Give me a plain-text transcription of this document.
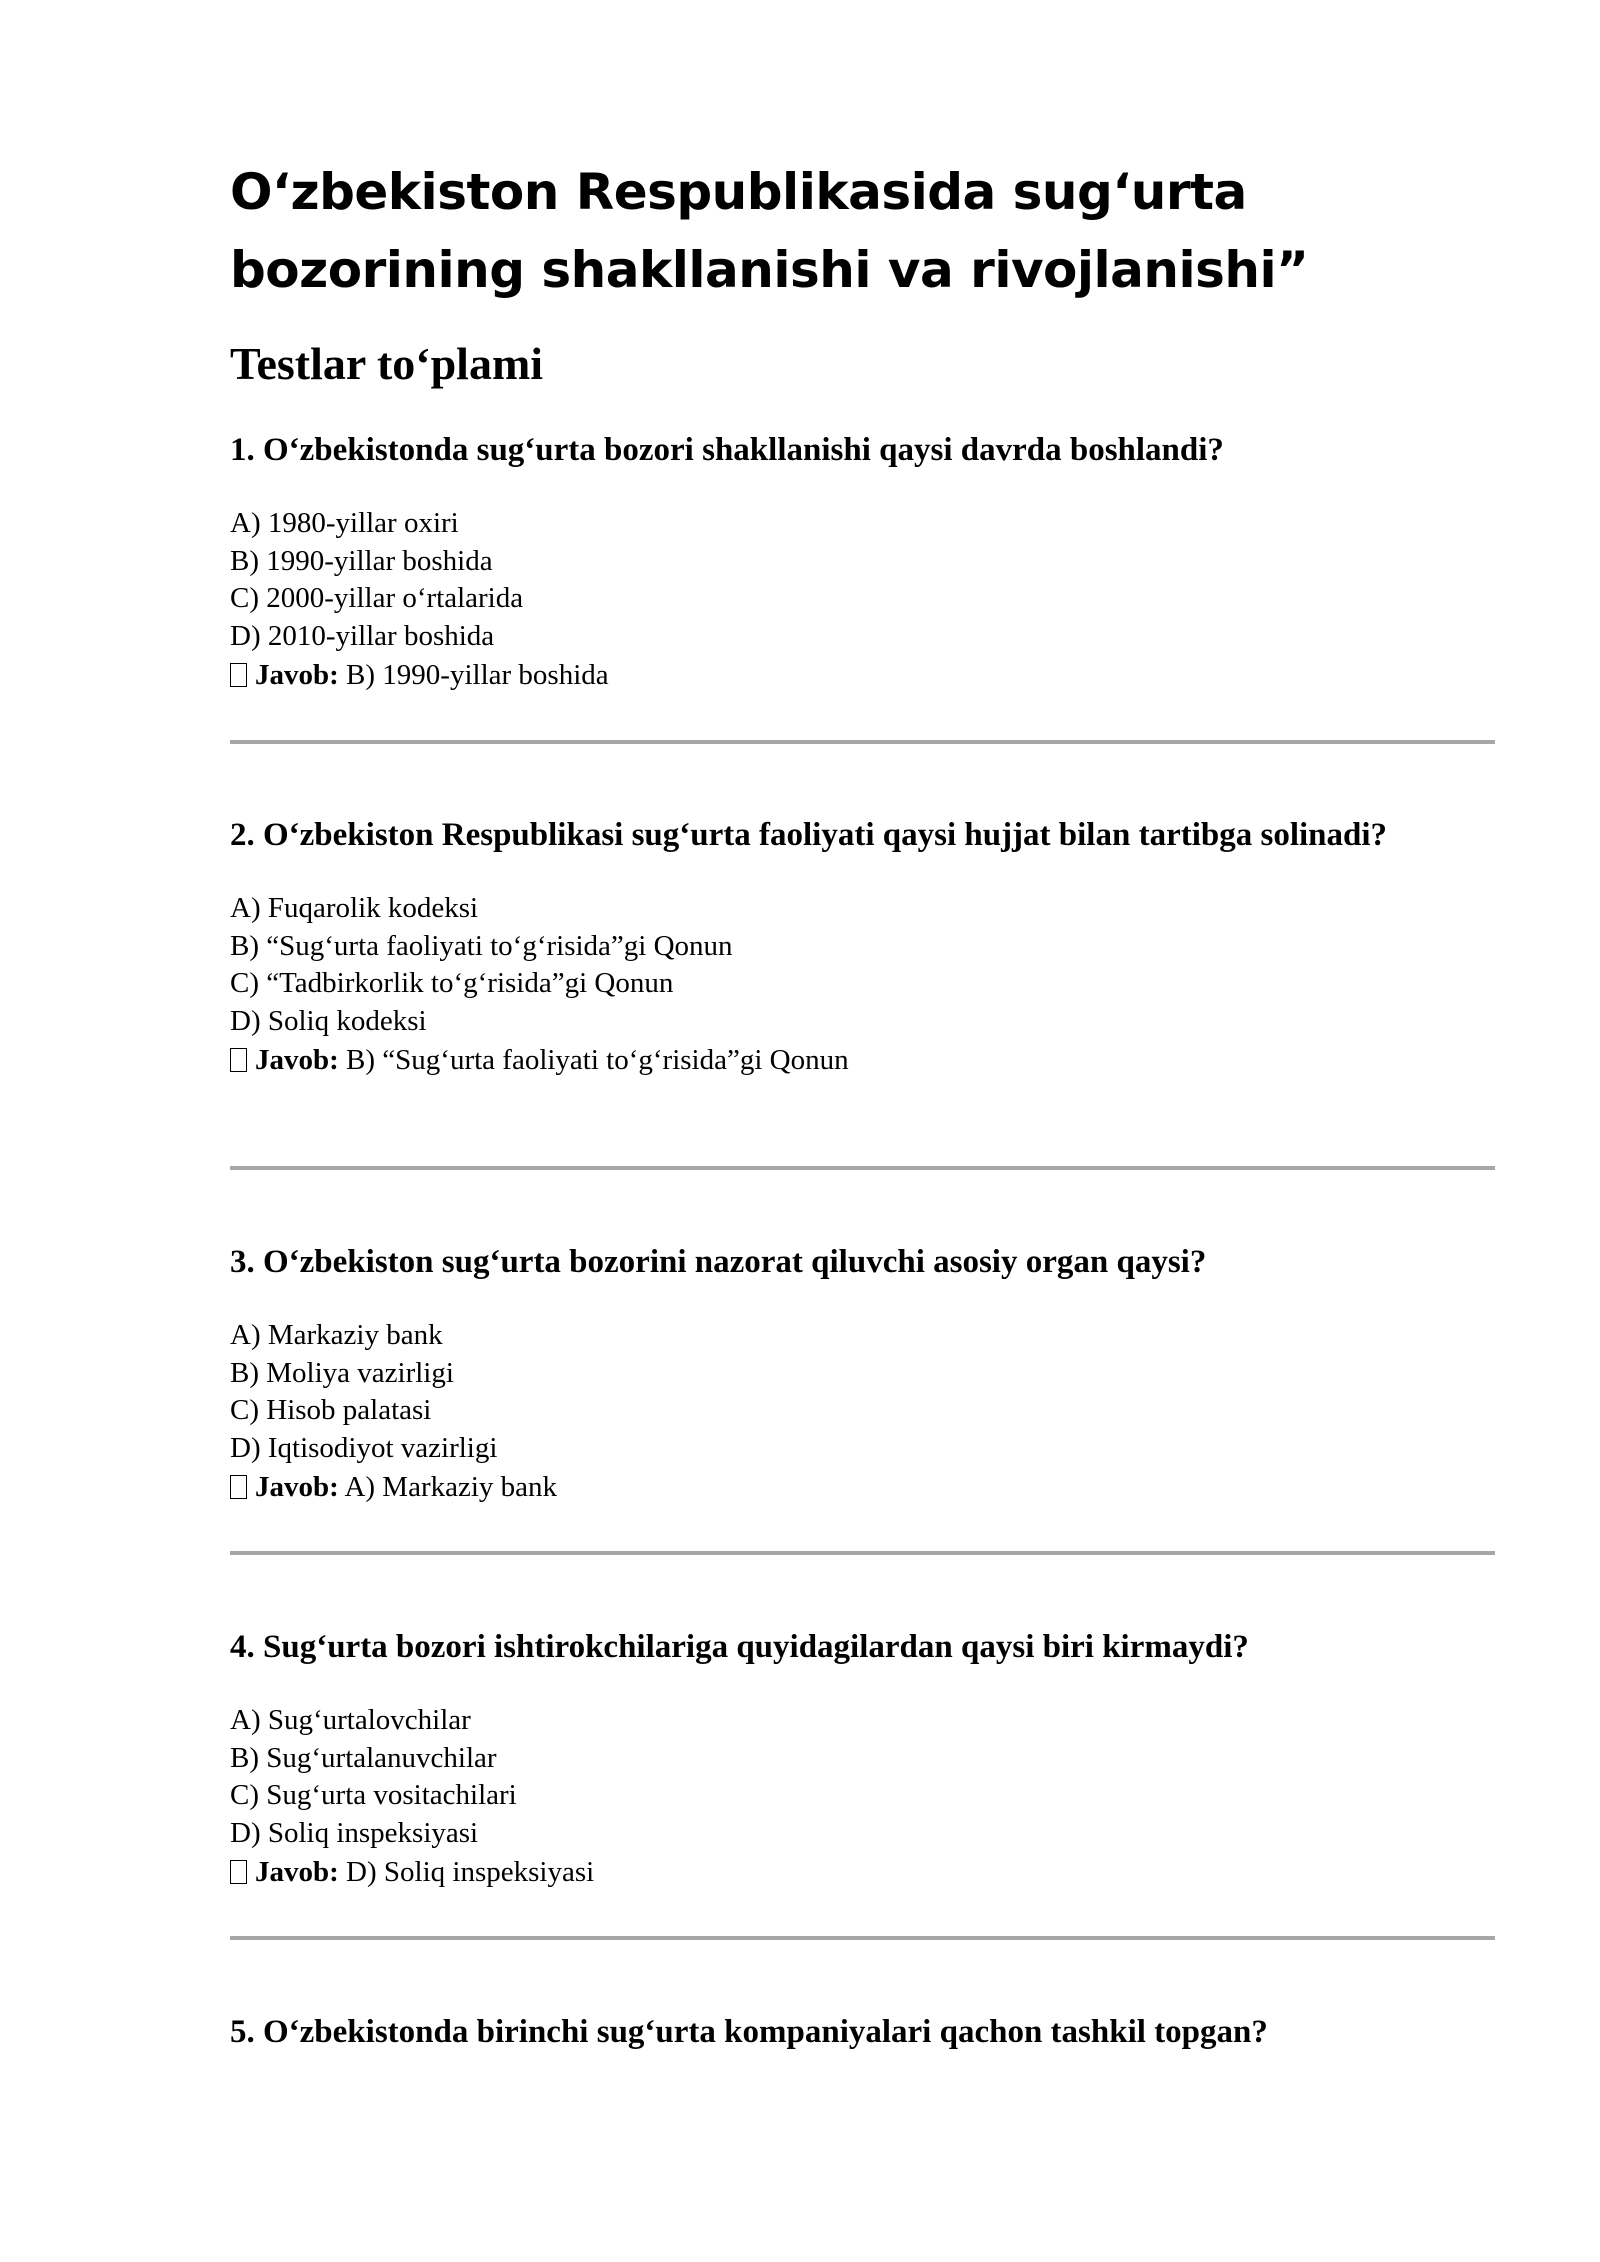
O‘zbekiston Respublikasida sug‘urta bozorining shakllanishi va rivojlanishi”
Testlar to‘plami
1. O‘zbekistonda sug‘urta bozori shakllanishi qaysi davrda boshlandi?
A) 1980-yillar oxiri
B) 1990-yillar boshida
C) 2000-yillar o‘rtalarida
D) 2010-yillar boshida
Javob: B) 1990-yillar boshida
2. O‘zbekiston Respublikasi sug‘urta faoliyati qaysi hujjat bilan tartibga solinadi?
A) Fuqarolik kodeksi
B) “Sug‘urta faoliyati to‘g‘risida”gi Qonun
C) “Tadbirkorlik to‘g‘risida”gi Qonun
D) Soliq kodeksi
Javob: B) “Sug‘urta faoliyati to‘g‘risida”gi Qonun
3. O‘zbekiston sug‘urta bozorini nazorat qiluvchi asosiy organ qaysi?
A) Markaziy bank
B) Moliya vazirligi
C) Hisob palatasi
D) Iqtisodiyot vazirligi
Javob: A) Markaziy bank
4. Sug‘urta bozori ishtirokchilariga quyidagilardan qaysi biri kirmaydi?
A) Sug‘urtalovchilar
B) Sug‘urtalanuvchilar
C) Sug‘urta vositachilari
D) Soliq inspeksiyasi
Javob: D) Soliq inspeksiyasi
5. O‘zbekistonda birinchi sug‘urta kompaniyalari qachon tashkil topgan?
